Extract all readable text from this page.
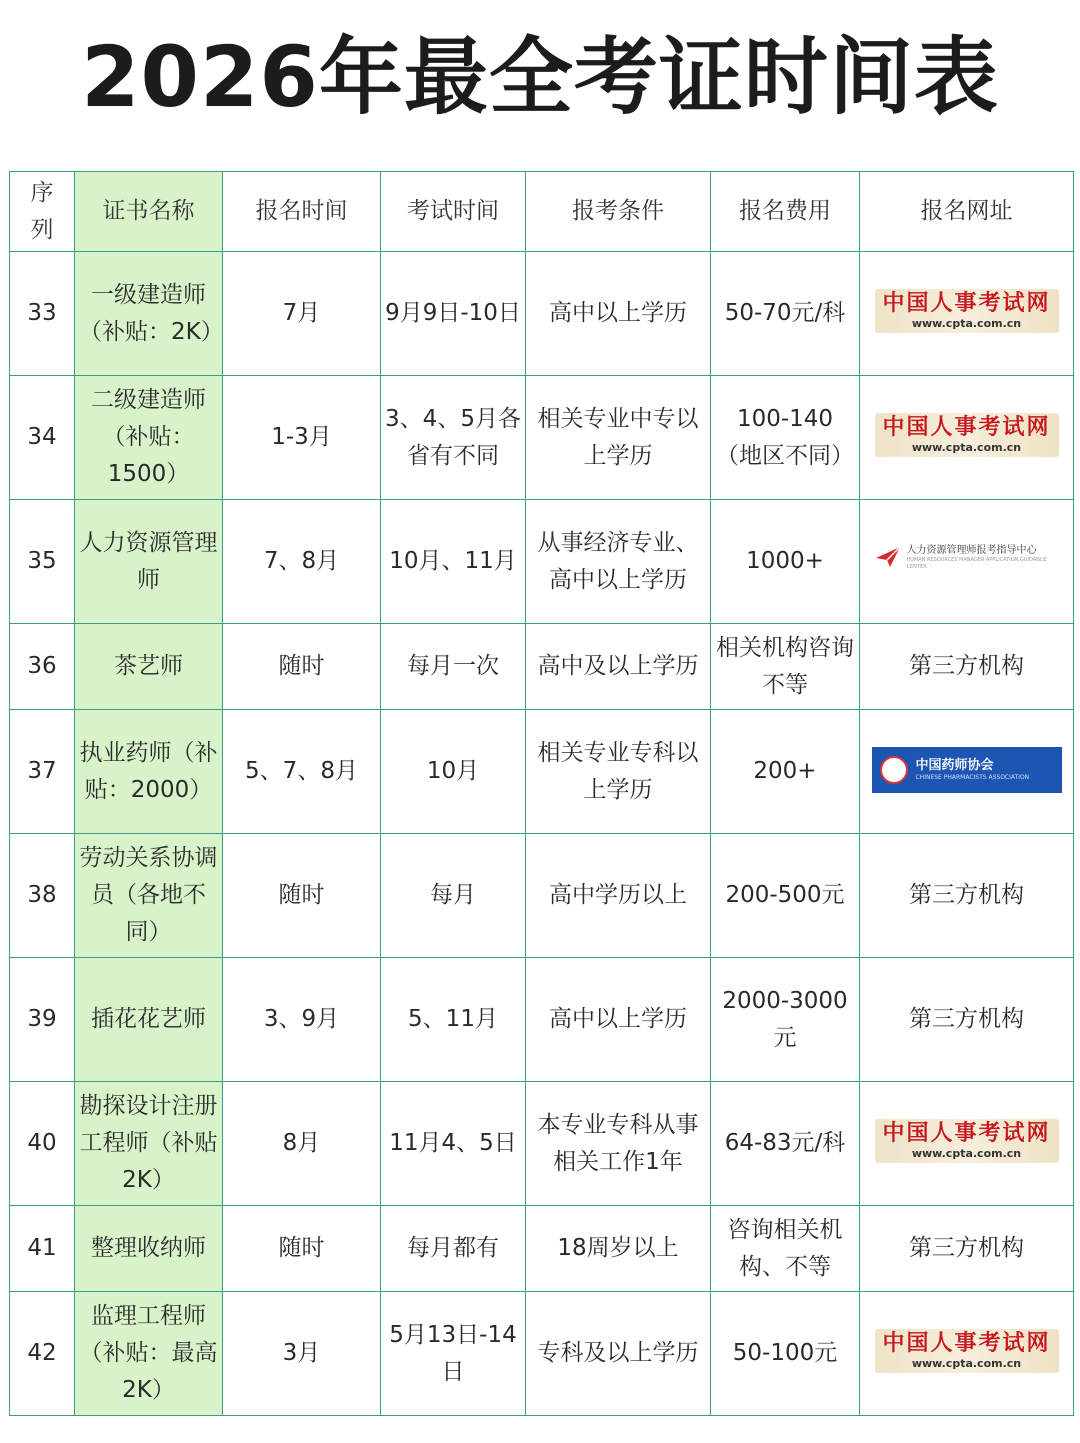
2026年最全考证时间表
序列	证书名称	报名时间	考试时间	报考条件	报名费用	报名网址
33	一级建造师（补贴：2K）	7月	9月9日-10日	高中以上学历	50-70元/科	中国人事考试网
www.cpta.com.cn

34	二级建造师（补贴：1500）	1-3月	3、4、5月各省有不同	相关专业中专以上学历	100-140（地区不同）	中国人事考试网
www.cpta.com.cn

35	人力资源管理师	7、8月	10月、11月	从事经济专业、高中以上学历	1000+	人力资源管理师报考指导中心
HUMAN RESOURCES MANAGER APPLICATION GUIDANCE CENTER

36	茶艺师	随时	每月一次	高中及以上学历	相关机构咨询不等	第三方机构
37	执业药师（补贴：2000）	5、7、8月	10月	相关专业专科以上学历	200+	中国药师协会
CHINESE PHARMACISTS ASSOCIATION

38	劳动关系协调员（各地不同）	随时	每月	高中学历以上	200-500元	第三方机构
39	插花花艺师	3、9月	5、11月	高中以上学历	2000-3000元	第三方机构
40	勘探设计注册工程师（补贴2K）	8月	11月4、5日	本专业专科从事相关工作1年	64-83元/科	中国人事考试网
www.cpta.com.cn

41	整理收纳师	随时	每月都有	18周岁以上	咨询相关机构、不等	第三方机构
42	监理工程师（补贴：最高2K）	3月	5月13日-14日	专科及以上学历	50-100元	中国人事考试网
www.cpta.com.cn
